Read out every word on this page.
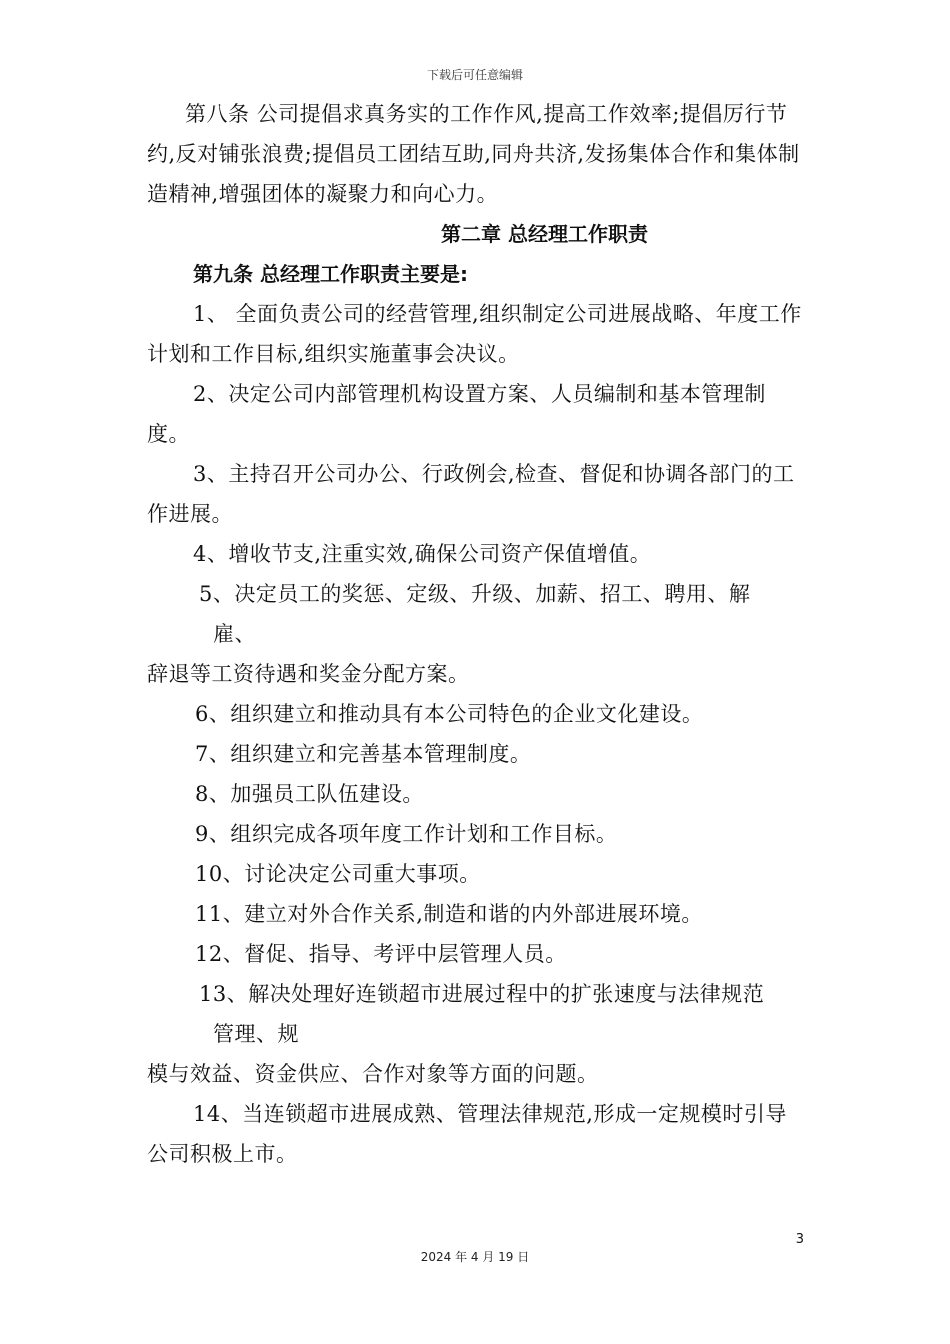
下载后可任意编辑

第八条 公司提倡求真务实的工作作风,提高工作效率;提倡厉行节约,反对铺张浪费;提倡员工团结互助,同舟共济,发扬集体合作和集体制造精神,增强团体的凝聚力和向心力。

第二章 总经理工作职责

第九条 总经理工作职责主要是:

1、 全面负责公司的经营管理,组织制定公司进展战略、年度工作计划和工作目标,组织实施董事会决议。

2、决定公司内部管理机构设置方案、人员编制和基本管理制度。

3、主持召开公司办公、行政例会,检查、督促和协调各部门的工作进展。

4、增收节支,注重实效,确保公司资产保值增值。

5、决定员工的奖惩、定级、升级、加薪、招工、聘用、解

雇、

辞退等工资待遇和奖金分配方案。

6、组织建立和推动具有本公司特色的企业文化建设。

7、组织建立和完善基本管理制度。

8、加强员工队伍建设。

9、组织完成各项年度工作计划和工作目标。

10、讨论决定公司重大事项。

11、建立对外合作关系,制造和谐的内外部进展环境。

12、督促、指导、考评中层管理人员。

13、解决处理好连锁超市进展过程中的扩张速度与法律规范

管理、规

模与效益、资金供应、合作对象等方面的问题。

14、当连锁超市进展成熟、管理法律规范,形成一定规模时引导公司积极上市。

3
2024 年 4 月 19 日
